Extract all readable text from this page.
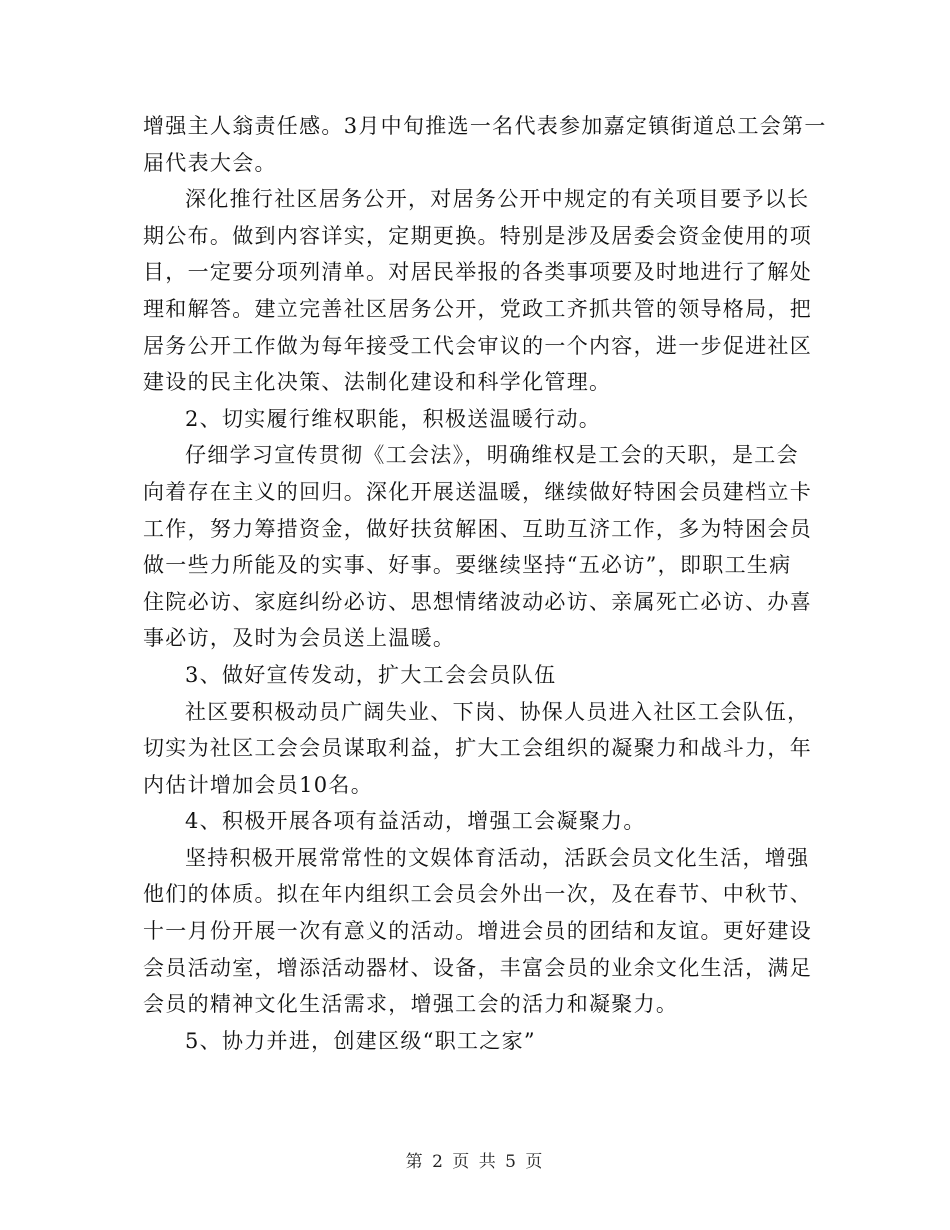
增强主人翁责任感。3月中旬推选一名代表参加嘉定镇街道总工会第一
届代表大会。
深化推行社区居务公开，对居务公开中规定的有关项目要予以长
期公布。做到内容详实，定期更换。特别是涉及居委会资金使用的项
目，一定要分项列清单。对居民举报的各类事项要及时地进行了解处
理和解答。建立完善社区居务公开，党政工齐抓共管的领导格局，把
居务公开工作做为每年接受工代会审议的一个内容，进一步促进社区
建设的民主化决策、法制化建设和科学化管理。
2、切实履行维权职能，积极送温暖行动。
仔细学习宣传贯彻《工会法》，明确维权是工会的天职，是工会
向着存在主义的回归。深化开展送温暖，继续做好特困会员建档立卡
工作，努力筹措资金，做好扶贫解困、互助互济工作，多为特困会员
做一些力所能及的实事、好事。要继续坚持“五必访”，即职工生病
住院必访、家庭纠纷必访、思想情绪波动必访、亲属死亡必访、办喜
事必访，及时为会员送上温暖。
3、做好宣传发动，扩大工会会员队伍
社区要积极动员广阔失业、下岗、协保人员进入社区工会队伍，
切实为社区工会会员谋取利益，扩大工会组织的凝聚力和战斗力，年
内估计增加会员10名。
4、积极开展各项有益活动，增强工会凝聚力。
坚持积极开展常常性的文娱体育活动，活跃会员文化生活，增强
他们的体质。拟在年内组织工会员会外出一次，及在春节、中秋节、
十一月份开展一次有意义的活动。增进会员的团结和友谊。更好建设
会员活动室，增添活动器材、设备，丰富会员的业余文化生活，满足
会员的精神文化生活需求，增强工会的活力和凝聚力。
5、协力并进，创建区级“职工之家”
第 2 页 共 5 页
